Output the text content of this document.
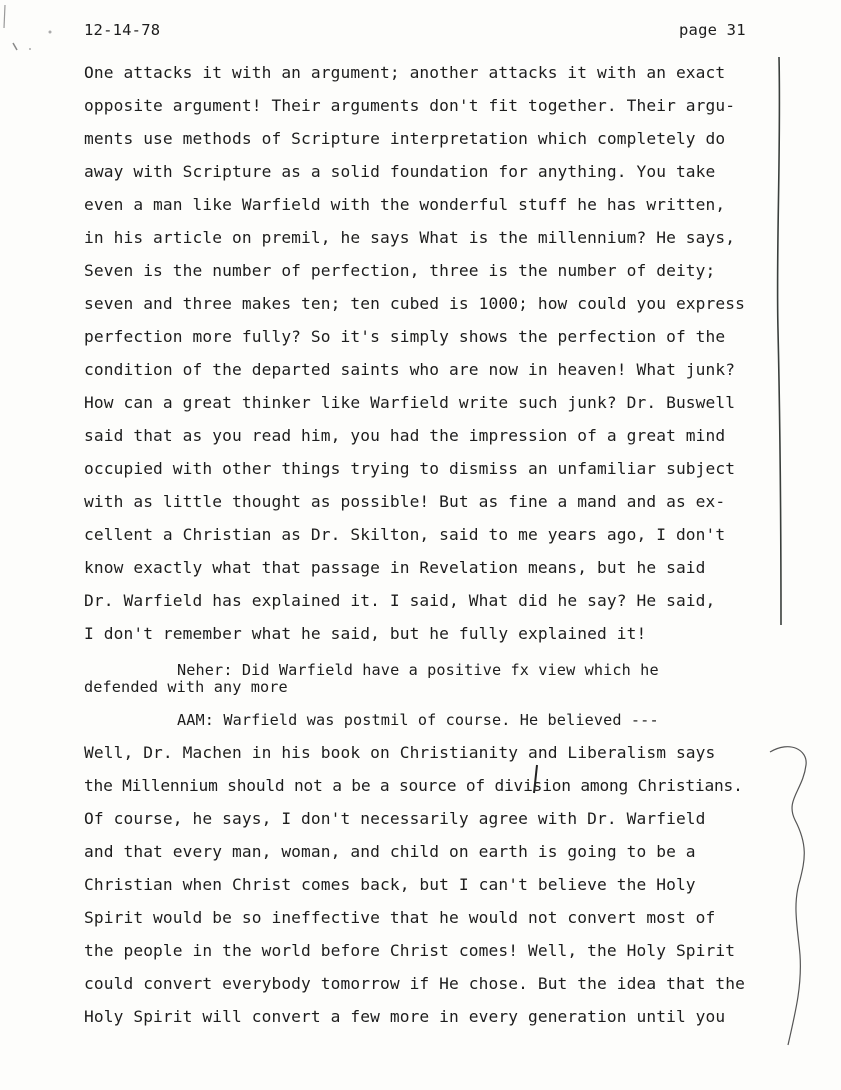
12-14-78	page 31
One attacks it with an argument; another attacks it with an exact
opposite argument! Their arguments don't fit together. Their argu-
ments use methods of Scripture interpretation which completely do
away with Scripture as a solid foundation for anything. You take
even a man like Warfield with the wonderful stuff he has written,
in his article on premil, he says What is the millennium? He says,
Seven is the number of perfection, three is the number of deity;
seven and three makes ten; ten cubed is 1000; how could you express
perfection more fully? So it's simply shows the perfection of the
condition of the departed saints who are now in heaven! What junk?
How can a great thinker like Warfield write such junk? Dr. Buswell
said that as you read him, you had the impression of a great mind
occupied with other things trying to dismiss an unfamiliar subject
with as little thought as possible! But as fine a mand and as ex-
cellent a Christian as Dr. Skilton, said to me years ago, I don't
know exactly what that passage in Revelation means, but he said
Dr. Warfield has explained it. I said, What did he say? He said,
I don't remember what he said, but he fully explained it!
Neher: Did Warfield have a positive fx view which he
defended with any more
AAM: Warfield was postmil of course. He believed ---
Well, Dr. Machen in his book on Christianity and Liberalism says
the Millennium should not a be a source of division among Christians.
Of course, he says, I don't necessarily agree with Dr. Warfield
and that every man, woman, and child on earth is going to be a
Christian when Christ comes back, but I can't believe the Holy
Spirit would be so ineffective that he would not convert most of
the people in the world before Christ comes! Well, the Holy Spirit
could convert everybody tomorrow if He chose. But the idea that the
Holy Spirit will convert a few more in every generation until you
